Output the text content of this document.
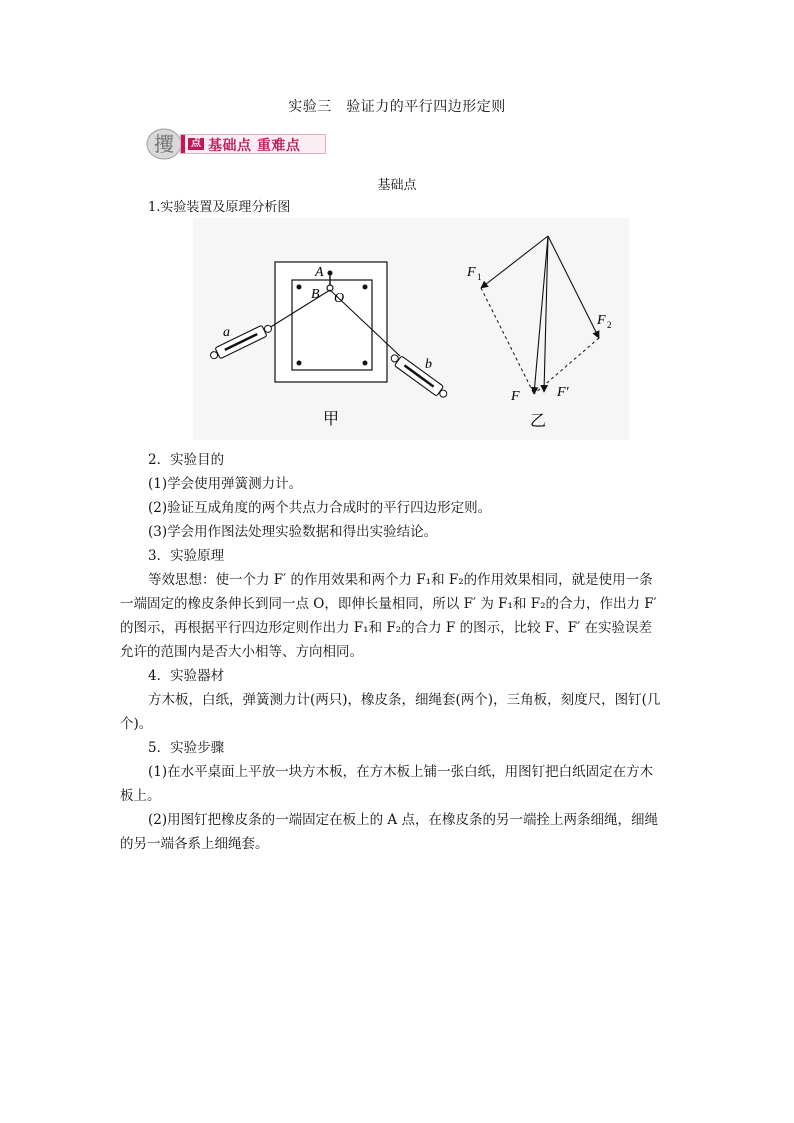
实验三　验证力的平行四边形定则
攫	点 基础点 重难点
基础点
1.实验装置及原理分析图
A
B O
a
b
甲
F 1
F 2
F	F′
乙
2．实验目的
(1)学会使用弹簧测力计。
(2)验证互成角度的两个共点力合成时的平行四边形定则。
(3)学会用作图法处理实验数据和得出实验结论。
3．实验原理
等效思想：使一个力 F′ 的作用效果和两个力 F₁和 F₂的作用效果相同，就是使用一条
一端固定的橡皮条伸长到同一点 O，即伸长量相同，所以 F′ 为 F₁和 F₂的合力，作出力 F′
的图示，再根据平行四边形定则作出力 F₁和 F₂的合力 F 的图示，比较 F、F′ 在实验误差
允许的范围内是否大小相等、方向相同。
4．实验器材
方木板，白纸，弹簧测力计(两只)，橡皮条，细绳套(两个)，三角板，刻度尺，图钉(几
个)。
5．实验步骤
(1)在水平桌面上平放一块方木板，在方木板上铺一张白纸，用图钉把白纸固定在方木
板上。
(2)用图钉把橡皮条的一端固定在板上的 A 点，在橡皮条的另一端拴上两条细绳，细绳
的另一端各系上细绳套。
